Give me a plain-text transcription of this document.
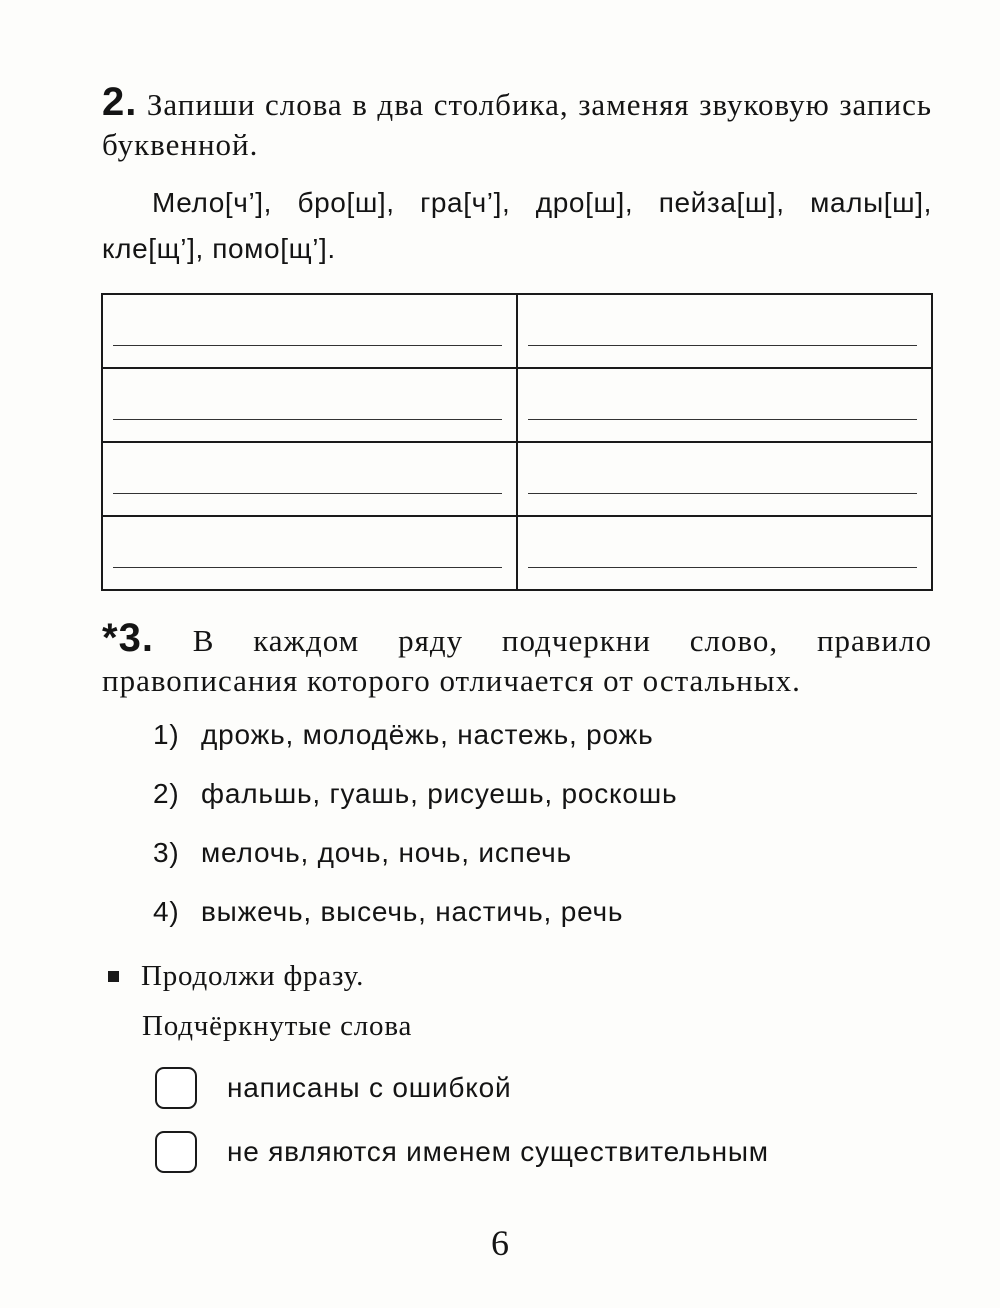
2. Запиши слова в два столбика, заменяя звуковую запись буквенной.

Мело[ч’], бро[ш], гра[ч’], дро[ш], пейза[ш], малы[ш], кле[щ’], помо[щ’].

*3. В каждом ряду подчеркни слово, правило правописания которого отличается от остальных.

1) дрожь, молодёжь, настежь, рожь
2) фальшь, гуашь, рисуешь, роскошь
3) мелочь, дочь, ночь, испечь
4) выжечь, высечь, настичь, речь
Продолжи фразу.
Подчёркнутые слова
написаны с ошибкой
не являются именем существительным
6
